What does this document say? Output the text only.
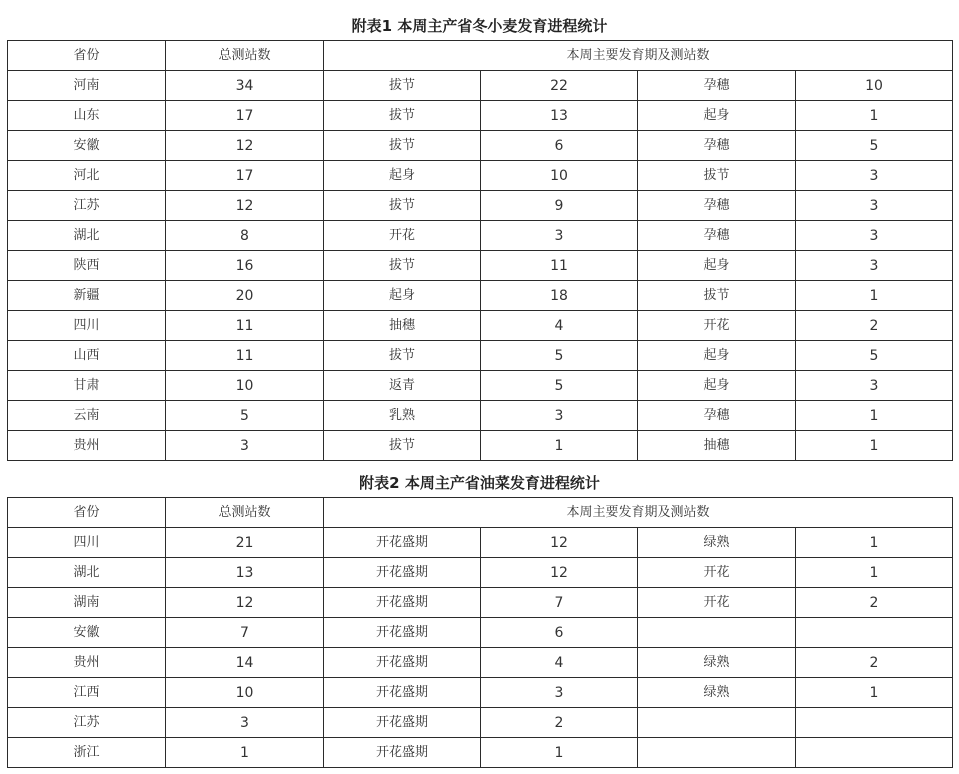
附表1 本周主产省冬小麦发育进程统计
省份	总测站数	本周主要发育期及测站数			
河南	34	拔节	22	孕穗	10
山东	17	拔节	13	起身	1
安徽	12	拔节	6	孕穗	5
河北	17	起身	10	拔节	3
江苏	12	拔节	9	孕穗	3
湖北	8	开花	3	孕穗	3
陕西	16	拔节	11	起身	3
新疆	20	起身	18	拔节	1
四川	11	抽穗	4	开花	2
山西	11	拔节	5	起身	5
甘肃	10	返青	5	起身	3
云南	5	乳熟	3	孕穗	1
贵州	3	拔节	1	抽穗	1
附表2 本周主产省油菜发育进程统计
省份	总测站数	本周主要发育期及测站数			
四川	21	开花盛期	12	绿熟	1
湖北	13	开花盛期	12	开花	1
湖南	12	开花盛期	7	开花	2
安徽	7	开花盛期	6		
贵州	14	开花盛期	4	绿熟	2
江西	10	开花盛期	3	绿熟	1
江苏	3	开花盛期	2		
浙江	1	开花盛期	1		
